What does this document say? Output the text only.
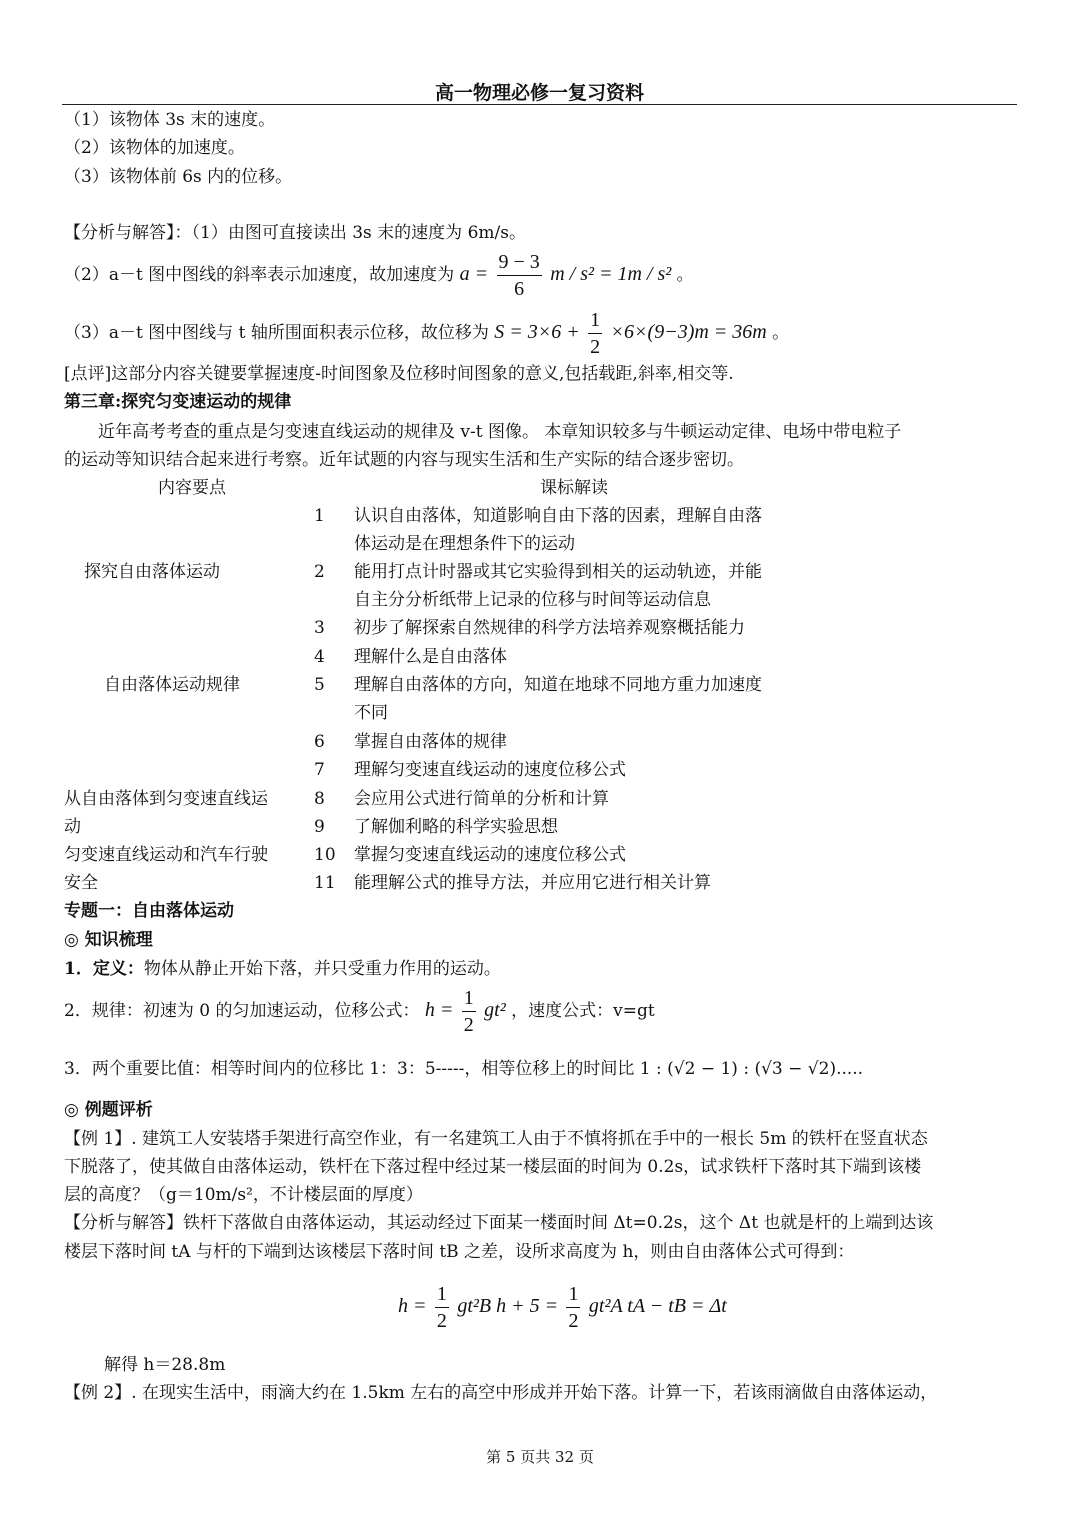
高一物理必修一复习资料
（1）该物体 3s 末的速度。
（2）该物体的加速度。
（3）该物体前 6s 内的位移。
【分析与解答】：（1）由图可直接读出 3s 末的速度为 6m/s。
（2）a－t 图中图线的斜率表示加速度，故加速度为 $a = \frac{9 - 3}{6}$ m / s² = 1m / s² 。
（3）a－t 图中图线与 t 轴所围面积表示位移，故位移为 $S = 3\times 6 + \frac{1}{2} \times 6\times(9-3)m = 36m$ 。
[点评]这部分内容关键要掌握速度-时间图象及位移时间图象的意义,包括载距,斜率,相交等.
第三章:探究匀变速运动的规律
近年高考考查的重点是匀变速直线运动的规律及 v-t 图像。 本章知识较多与牛顿运动定律、电场中带电粒子
的运动等知识结合起来进行考察。近年试题的内容与现实生活和生产实际的结合逐步密切。
内容要点	课标解读
探究自由落体运动
自由落体运动规律
从自由落体到匀变速直线运
动
匀变速直线运动和汽车行驶
安全
1 认识自由落体，知道影响自由下落的因素，理解自由落
体运动是在理想条件下的运动
2 能用打点计时器或其它实验得到相关的运动轨迹，并能
自主分分析纸带上记录的位移与时间等运动信息
3 初步了解探索自然规律的科学方法培养观察概括能力
4 理解什么是自由落体
5 理解自由落体的方向，知道在地球不同地方重力加速度
不同
6 掌握自由落体的规律
7 理解匀变速直线运动的速度位移公式
8 会应用公式进行简单的分析和计算
9 了解伽利略的科学实验思想
10 掌握匀变速直线运动的速度位移公式
11 能理解公式的推导方法，并应用它进行相关计算
专题一：自由落体运动
◎ 知识梳理
1．定义：物体从静止开始下落，并只受重力作用的运动。
2．规律：初速为 0 的匀加速运动，位移公式： $h = \frac{1}{2} gt^2$ ，速度公式：v=gt
3．两个重要比值：相等时间内的位移比 1：3：5-----，相等位移上的时间比 1 : (√2 − 1) : (√3 − √2).....
◎ 例题评析
【例 1】. 建筑工人安装塔手架进行高空作业，有一名建筑工人由于不慎将抓在手中的一根长 5m 的铁杆在竖直状态
下脱落了，使其做自由落体运动，铁杆在下落过程中经过某一楼层面的时间为 0.2s，试求铁杆下落时其下端到该楼
层的高度？（g＝10m/s²，不计楼层面的厚度）
【分析与解答】铁杆下落做自由落体运动，其运动经过下面某一楼面时间 Δt=0.2s，这个 Δt 也就是杆的上端到达该
楼层下落时间 tA 与杆的下端到达该楼层下落时间 tB 之差，设所求高度为 h，则由自由落体公式可得到：
$h = \frac{1}{2} gt^2B$ $h + 5 = \frac{1}{2} gt^2A$ tA − tB = Δt
解得 h＝28.8m
【例 2】. 在现实生活中，雨滴大约在 1.5km 左右的高空中形成并开始下落。计算一下，若该雨滴做自由落体运动，
第 5 页共 32 页
